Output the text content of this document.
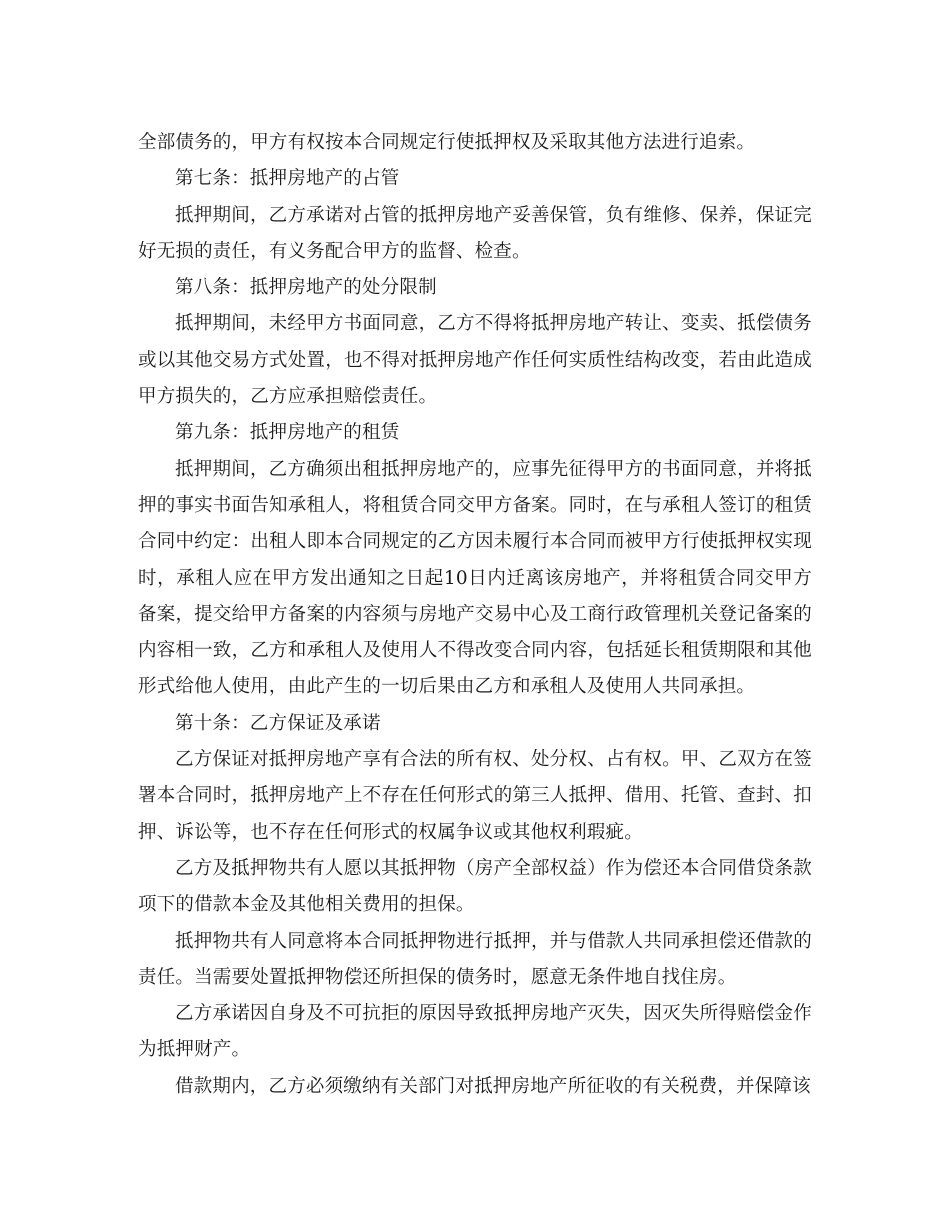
全部债务的，甲方有权按本合同规定行使抵押权及采取其他方法进行追索。

第七条：抵押房地产的占管

抵押期间，乙方承诺对占管的抵押房地产妥善保管，负有维修、保养，保证完好无损的责任，有义务配合甲方的监督、检查。

第八条：抵押房地产的处分限制

抵押期间，未经甲方书面同意，乙方不得将抵押房地产转让、变卖、抵偿债务或以其他交易方式处置，也不得对抵押房地产作任何实质性结构改变，若由此造成甲方损失的，乙方应承担赔偿责任。

第九条：抵押房地产的租赁

抵押期间，乙方确须出租抵押房地产的，应事先征得甲方的书面同意，并将抵押的事实书面告知承租人，将租赁合同交甲方备案。同时，在与承租人签订的租赁合同中约定：出租人即本合同规定的乙方因未履行本合同而被甲方行使抵押权实现时，承租人应在甲方发出通知之日起10日内迁离该房地产，并将租赁合同交甲方备案，提交给甲方备案的内容须与房地产交易中心及工商行政管理机关登记备案的内容相一致，乙方和承租人及使用人不得改变合同内容，包括延长租赁期限和其他形式给他人使用，由此产生的一切后果由乙方和承租人及使用人共同承担。

第十条：乙方保证及承诺

乙方保证对抵押房地产享有合法的所有权、处分权、占有权。甲、乙双方在签署本合同时，抵押房地产上不存在任何形式的第三人抵押、借用、托管、查封、扣押、诉讼等，也不存在任何形式的权属争议或其他权利瑕疵。

乙方及抵押物共有人愿以其抵押物（房产全部权益）作为偿还本合同借贷条款项下的借款本金及其他相关费用的担保。

抵押物共有人同意将本合同抵押物进行抵押，并与借款人共同承担偿还借款的责任。当需要处置抵押物偿还所担保的债务时，愿意无条件地自找住房。

乙方承诺因自身及不可抗拒的原因导致抵押房地产灭失，因灭失所得赔偿金作为抵押财产。

借款期内，乙方必须缴纳有关部门对抵押房地产所征收的有关税费，并保障该
